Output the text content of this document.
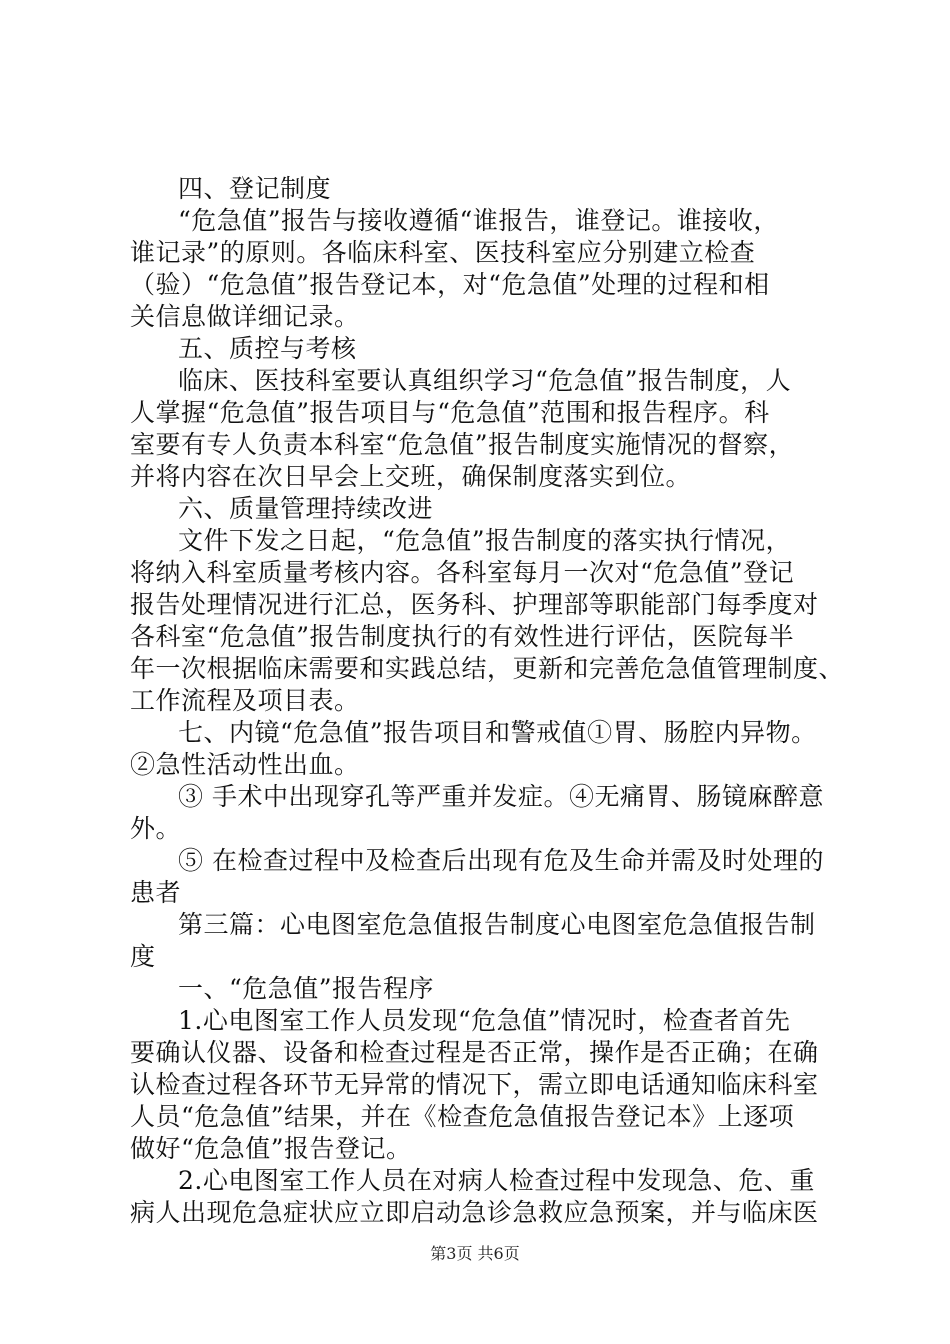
四、登记制度
“危急值”报告与接收遵循“谁报告，谁登记。谁接收，
谁记录”的原则。各临床科室、医技科室应分别建立检查
（验）“危急值”报告登记本，对“危急值”处理的过程和相
关信息做详细记录。
五、质控与考核
临床、医技科室要认真组织学习“危急值”报告制度，人
人掌握“危急值”报告项目与“危急值”范围和报告程序。科
室要有专人负责本科室“危急值”报告制度实施情况的督察，
并将内容在次日早会上交班，确保制度落实到位。
六、质量管理持续改进
文件下发之日起，“危急值”报告制度的落实执行情况，
将纳入科室质量考核内容。各科室每月一次对“危急值”登记
报告处理情况进行汇总，医务科、护理部等职能部门每季度对
各科室“危急值”报告制度执行的有效性进行评估，医院每半
年一次根据临床需要和实践总结，更新和完善危急值管理制度、
工作流程及项目表。
七、内镜“危急值”报告项目和警戒值①胃、肠腔内异物。
②急性活动性出血。
③ 手术中出现穿孔等严重并发症。④无痛胃、肠镜麻醉意
外。
⑤ 在检查过程中及检查后出现有危及生命并需及时处理的
患者
第三篇：心电图室危急值报告制度心电图室危急值报告制
度
一、“危急值”报告程序
1.心电图室工作人员发现“危急值”情况时，检查者首先
要确认仪器、设备和检查过程是否正常，操作是否正确；在确
认检查过程各环节无异常的情况下，需立即电话通知临床科室
人员“危急值”结果，并在《检查危急值报告登记本》上逐项
做好“危急值”报告登记。
2.心电图室工作人员在对病人检查过程中发现急、危、重
病人出现危急症状应立即启动急诊急救应急预案，并与临床医
第3页 共6页
